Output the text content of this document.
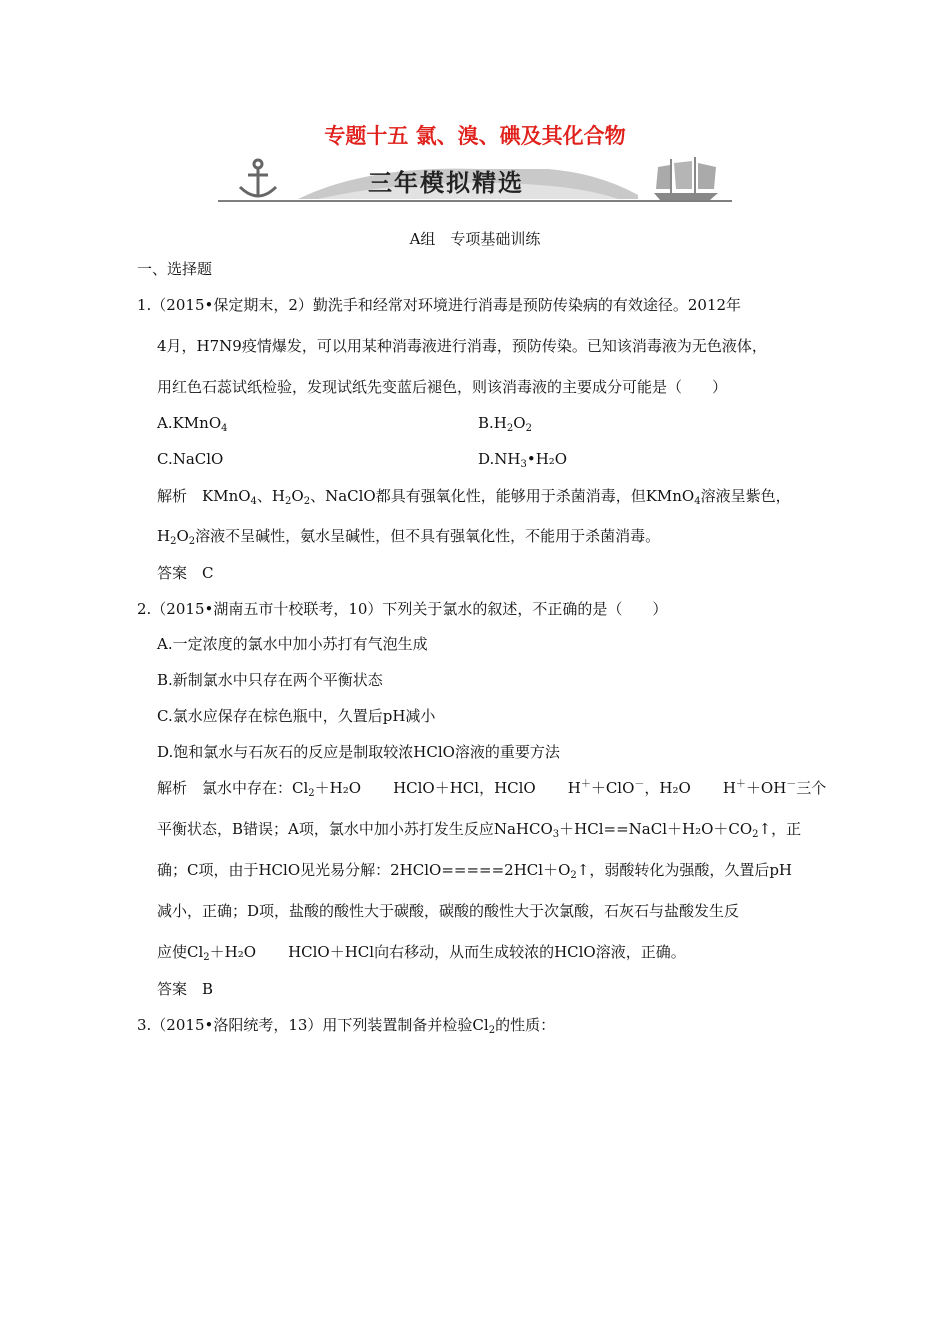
专题十五 氯、溴、碘及其化合物
三年模拟精选
A组　专项基础训练
一、选择题
1.（2015•保定期末，2）勤洗手和经常对环境进行消毒是预防传染病的有效途径。2012年
4月，H7N9疫情爆发，可以用某种消毒液进行消毒，预防传染。已知该消毒液为无色液体，
用红色石蕊试纸检验，发现试纸先变蓝后褪色，则该消毒液的主要成分可能是（　　）
A.KMnO$_4$	$B.H_2O_2$
C.NaClO	$D.NH_3•H_2O$
解析　KMnO$_4$、$H_2O_2$、NaClO都具有强氧化性，能够用于杀菌消毒，但KMnO$_4$溶液呈紫色，
$H_2O_2$溶液不呈碱性，氨水呈碱性，但不具有强氧化性，不能用于杀菌消毒。
答案　C
2.（2015•湖南五市十校联考，10）下列关于氯水的叙述，不正确的是（　　）
A.一定浓度的氯水中加小苏打有气泡生成
B.新制氯水中只存在两个平衡状态
C.氯水应保存在棕色瓶中，久置后pH减小
D.饱和氯水与石灰石的反应是制取较浓HClO溶液的重要方法
解析　氯水中存在：$Cl_2+H_2O$ HClO＋HCl，HClO H＋＋ClO－，H₂O H＋＋OH－三个
平衡状态，B错误；A项，氯水中加小苏打发生反应$NaHCO_3+HCl==NaCl+H_2O+CO_2↑$，正
确；C项，由于HClO见光易分解：$2HClO=====2HCl+O_2↑$，弱酸转化为强酸，久置后pH
减小，正确；D项，盐酸的酸性大于碳酸，碳酸的酸性大于次氯酸，石灰石与盐酸发生反
应使$Cl_2+H_2O$ HClO＋HCl向右移动，从而生成较浓的HClO溶液，正确。
答案　B
3.（2015•洛阳统考，13）用下列装置制备并检验$Cl_2$的性质：
